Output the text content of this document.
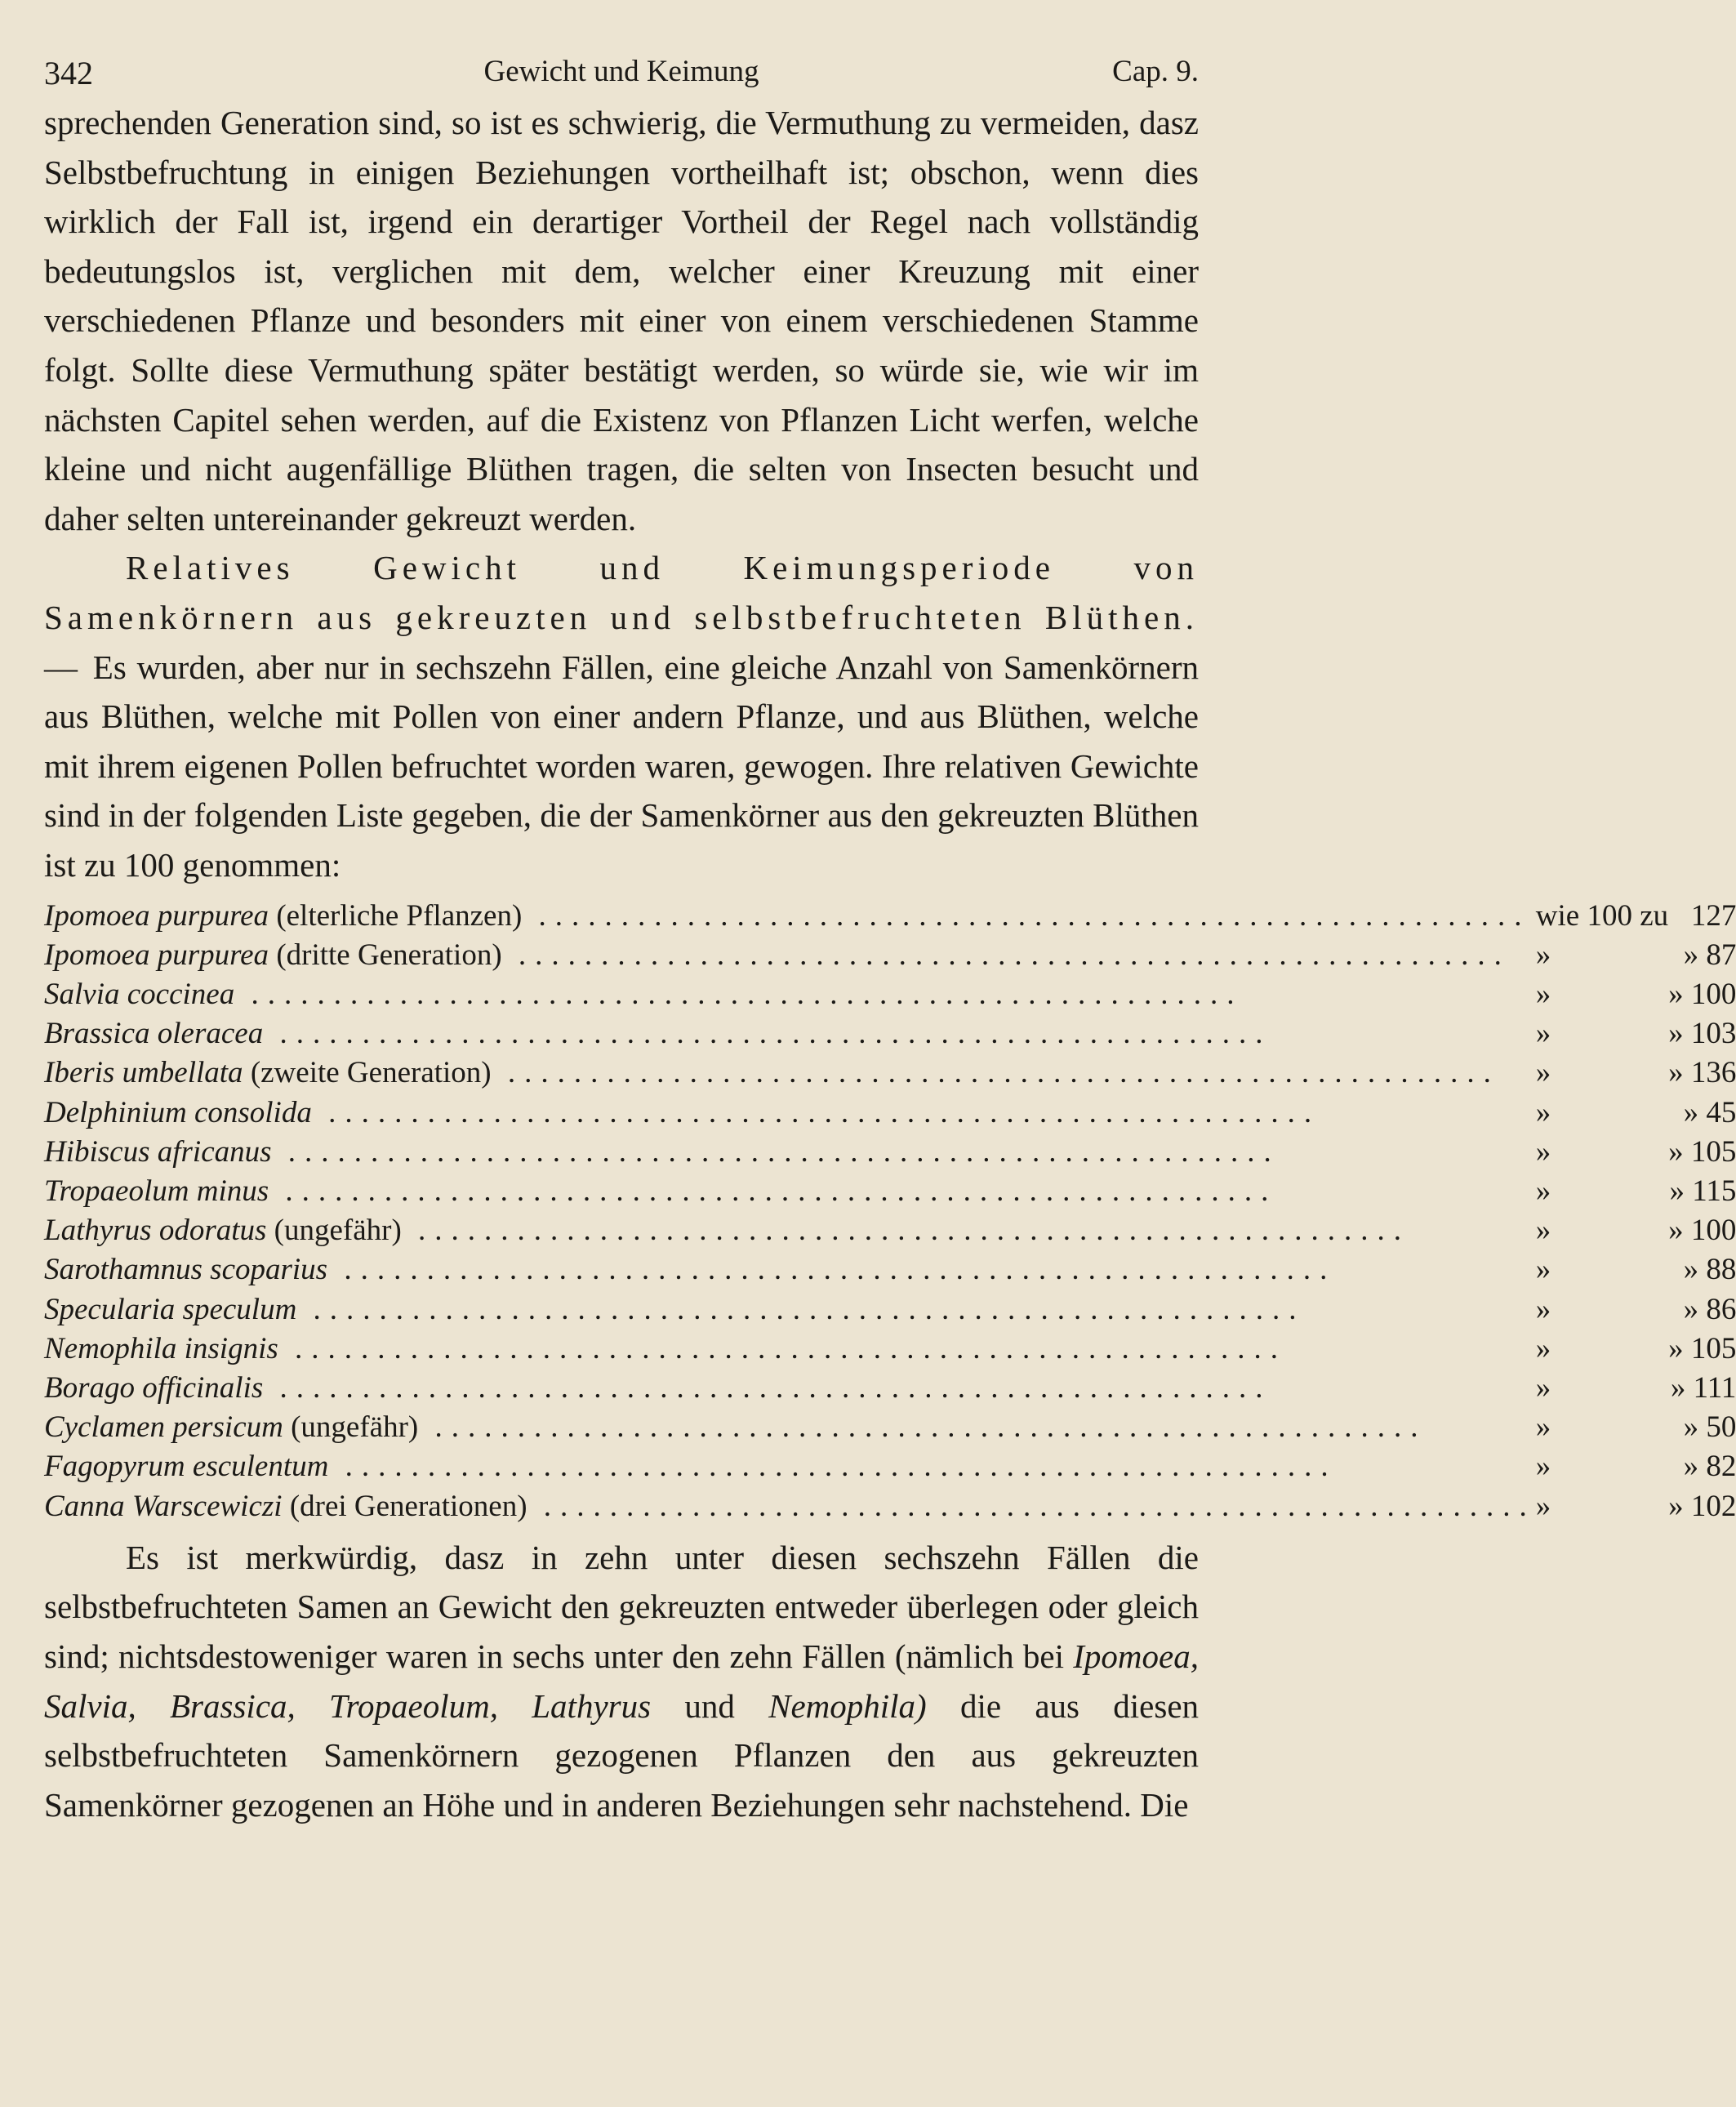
342	Gewicht und Keimung	Cap. 9.

sprechenden Generation sind, so ist es schwierig, die Vermuthung zu vermeiden, dasz Selbstbefruchtung in einigen Beziehungen vortheilhaft ist; obschon, wenn dies wirklich der Fall ist, irgend ein derartiger Vortheil der Regel nach vollständig bedeutungslos ist, verglichen mit dem, welcher einer Kreuzung mit einer verschiedenen Pflanze und besonders mit einer von einem verschiedenen Stamme folgt. Sollte diese Vermuthung später bestätigt werden, so würde sie, wie wir im nächsten Capitel sehen werden, auf die Existenz von Pflanzen Licht werfen, welche kleine und nicht augenfällige Blüthen tragen, die selten von Insecten besucht und daher selten untereinander gekreuzt werden.

Relatives Gewicht und Keimungsperiode von Samenkörnern aus gekreuzten und selbstbefruchteten Blüthen. — Es wurden, aber nur in sechszehn Fällen, eine gleiche Anzahl von Samenkörnern aus Blüthen, welche mit Pollen von einer andern Pflanze, und aus Blüthen, welche mit ihrem eigenen Pollen befruchtet worden waren, gewogen. Ihre relativen Gewichte sind in der folgenden Liste gegeben, die der Samenkörner aus den gekreuzten Blüthen ist zu 100 genommen:

Ipomoea purpurea (elterliche Pflanzen) ............................................................	wie 100 zu	127

Ipomoea purpurea (dritte Generation) ............................................................	»	» 87

Salvia coccinea ............................................................	»	» 100

Brassica oleracea ............................................................	»	» 103

Iberis umbellata (zweite Generation) ............................................................	»	» 136

Delphinium consolida ............................................................	»	» 45

Hibiscus africanus ............................................................	»	» 105

Tropaeolum minus ............................................................	»	» 115

Lathyrus odoratus (ungefähr) ............................................................	»	» 100

Sarothamnus scoparius ............................................................	»	» 88

Specularia speculum ............................................................	»	» 86

Nemophila insignis ............................................................	»	» 105

Borago officinalis ............................................................	»	» 111

Cyclamen persicum (ungefähr) ............................................................	»	» 50

Fagopyrum esculentum ............................................................	»	» 82

Canna Warscewiczi (drei Generationen) ............................................................	»	» 102

Es ist merkwürdig, dasz in zehn unter diesen sechszehn Fällen die selbstbefruchteten Samen an Gewicht den gekreuzten entweder überlegen oder gleich sind; nichtsdestoweniger waren in sechs unter den zehn Fällen (nämlich bei Ipomoea, Salvia, Brassica, Tropaeolum, Lathyrus und Nemophila) die aus diesen selbstbefruchteten Samenkörnern gezogenen Pflanzen den aus gekreuzten Samenkörner gezogenen an Höhe und in anderen Beziehungen sehr nachstehend. Die
